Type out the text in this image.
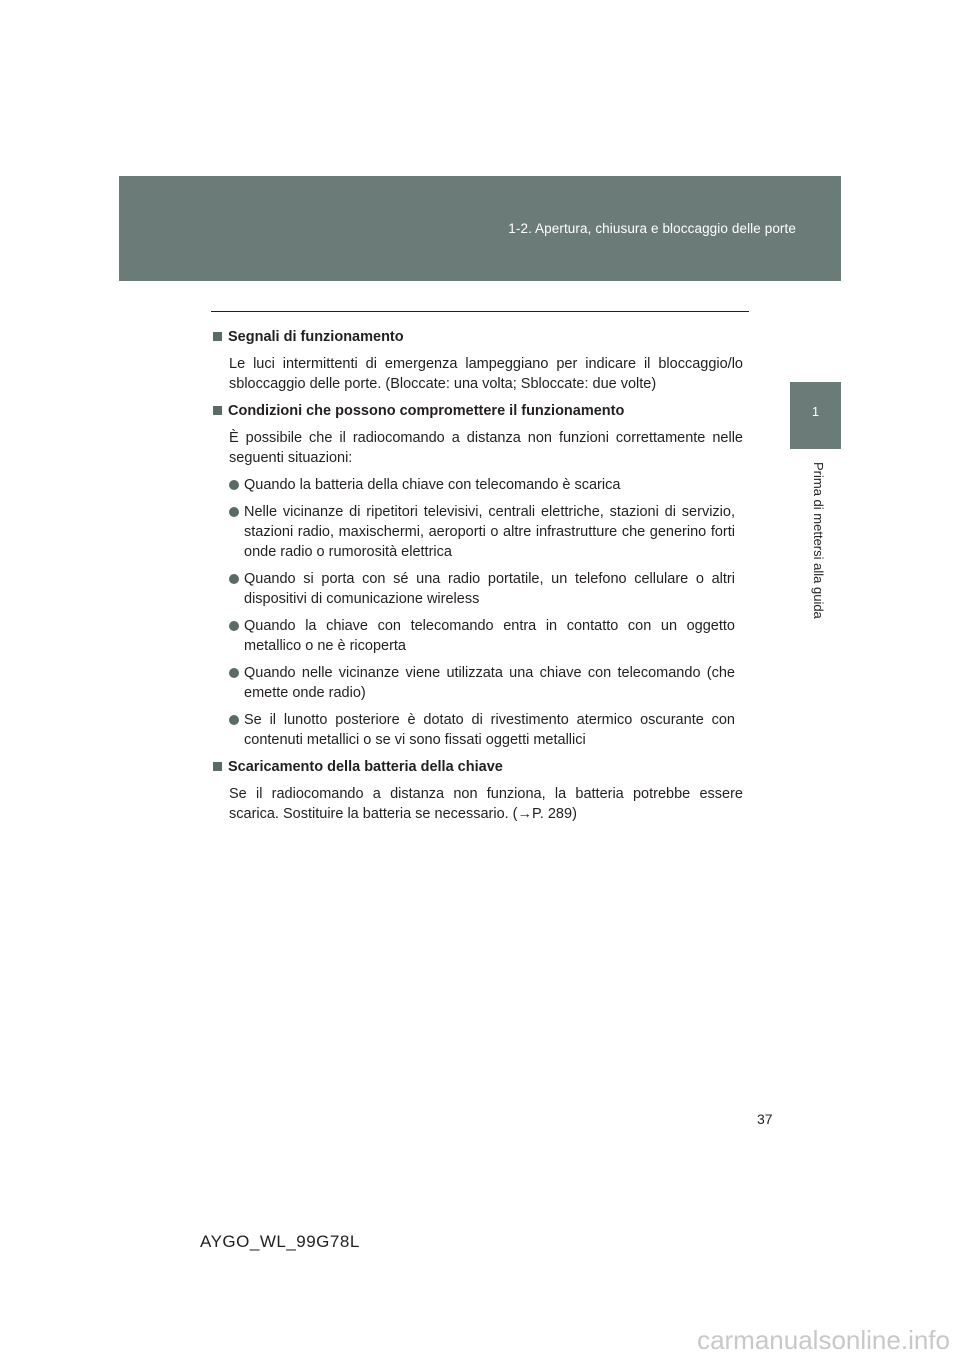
1-2. Apertura, chiusura e bloccaggio delle porte
1
Prima di mettersi alla guida
Segnali di funzionamento
Le luci intermittenti di emergenza lampeggiano per indicare il bloccaggio/lo sbloccaggio delle porte. (Bloccate: una volta; Sbloccate: due volte)
Condizioni che possono compromettere il funzionamento
È possibile che il radiocomando a distanza non funzioni correttamente nelle seguenti situazioni:
Quando la batteria della chiave con telecomando è scarica
Nelle vicinanze di ripetitori televisivi, centrali elettriche, stazioni di servizio, stazioni radio, maxischermi, aeroporti o altre infrastrutture che generino forti onde radio o rumorosità elettrica
Quando si porta con sé una radio portatile, un telefono cellulare o altri dispositivi di comunicazione wireless
Quando la chiave con telecomando entra in contatto con un oggetto metallico o ne è ricoperta
Quando nelle vicinanze viene utilizzata una chiave con telecomando (che emette onde radio)
Se il lunotto posteriore è dotato di rivestimento atermico oscurante con contenuti metallici o se vi sono fissati oggetti metallici
Scaricamento della batteria della chiave
Se il radiocomando a distanza non funziona, la batteria potrebbe essere scarica. Sostituire la batteria se necessario. (→P. 289)
37
AYGO_WL_99G78L
carmanualsonline.info
